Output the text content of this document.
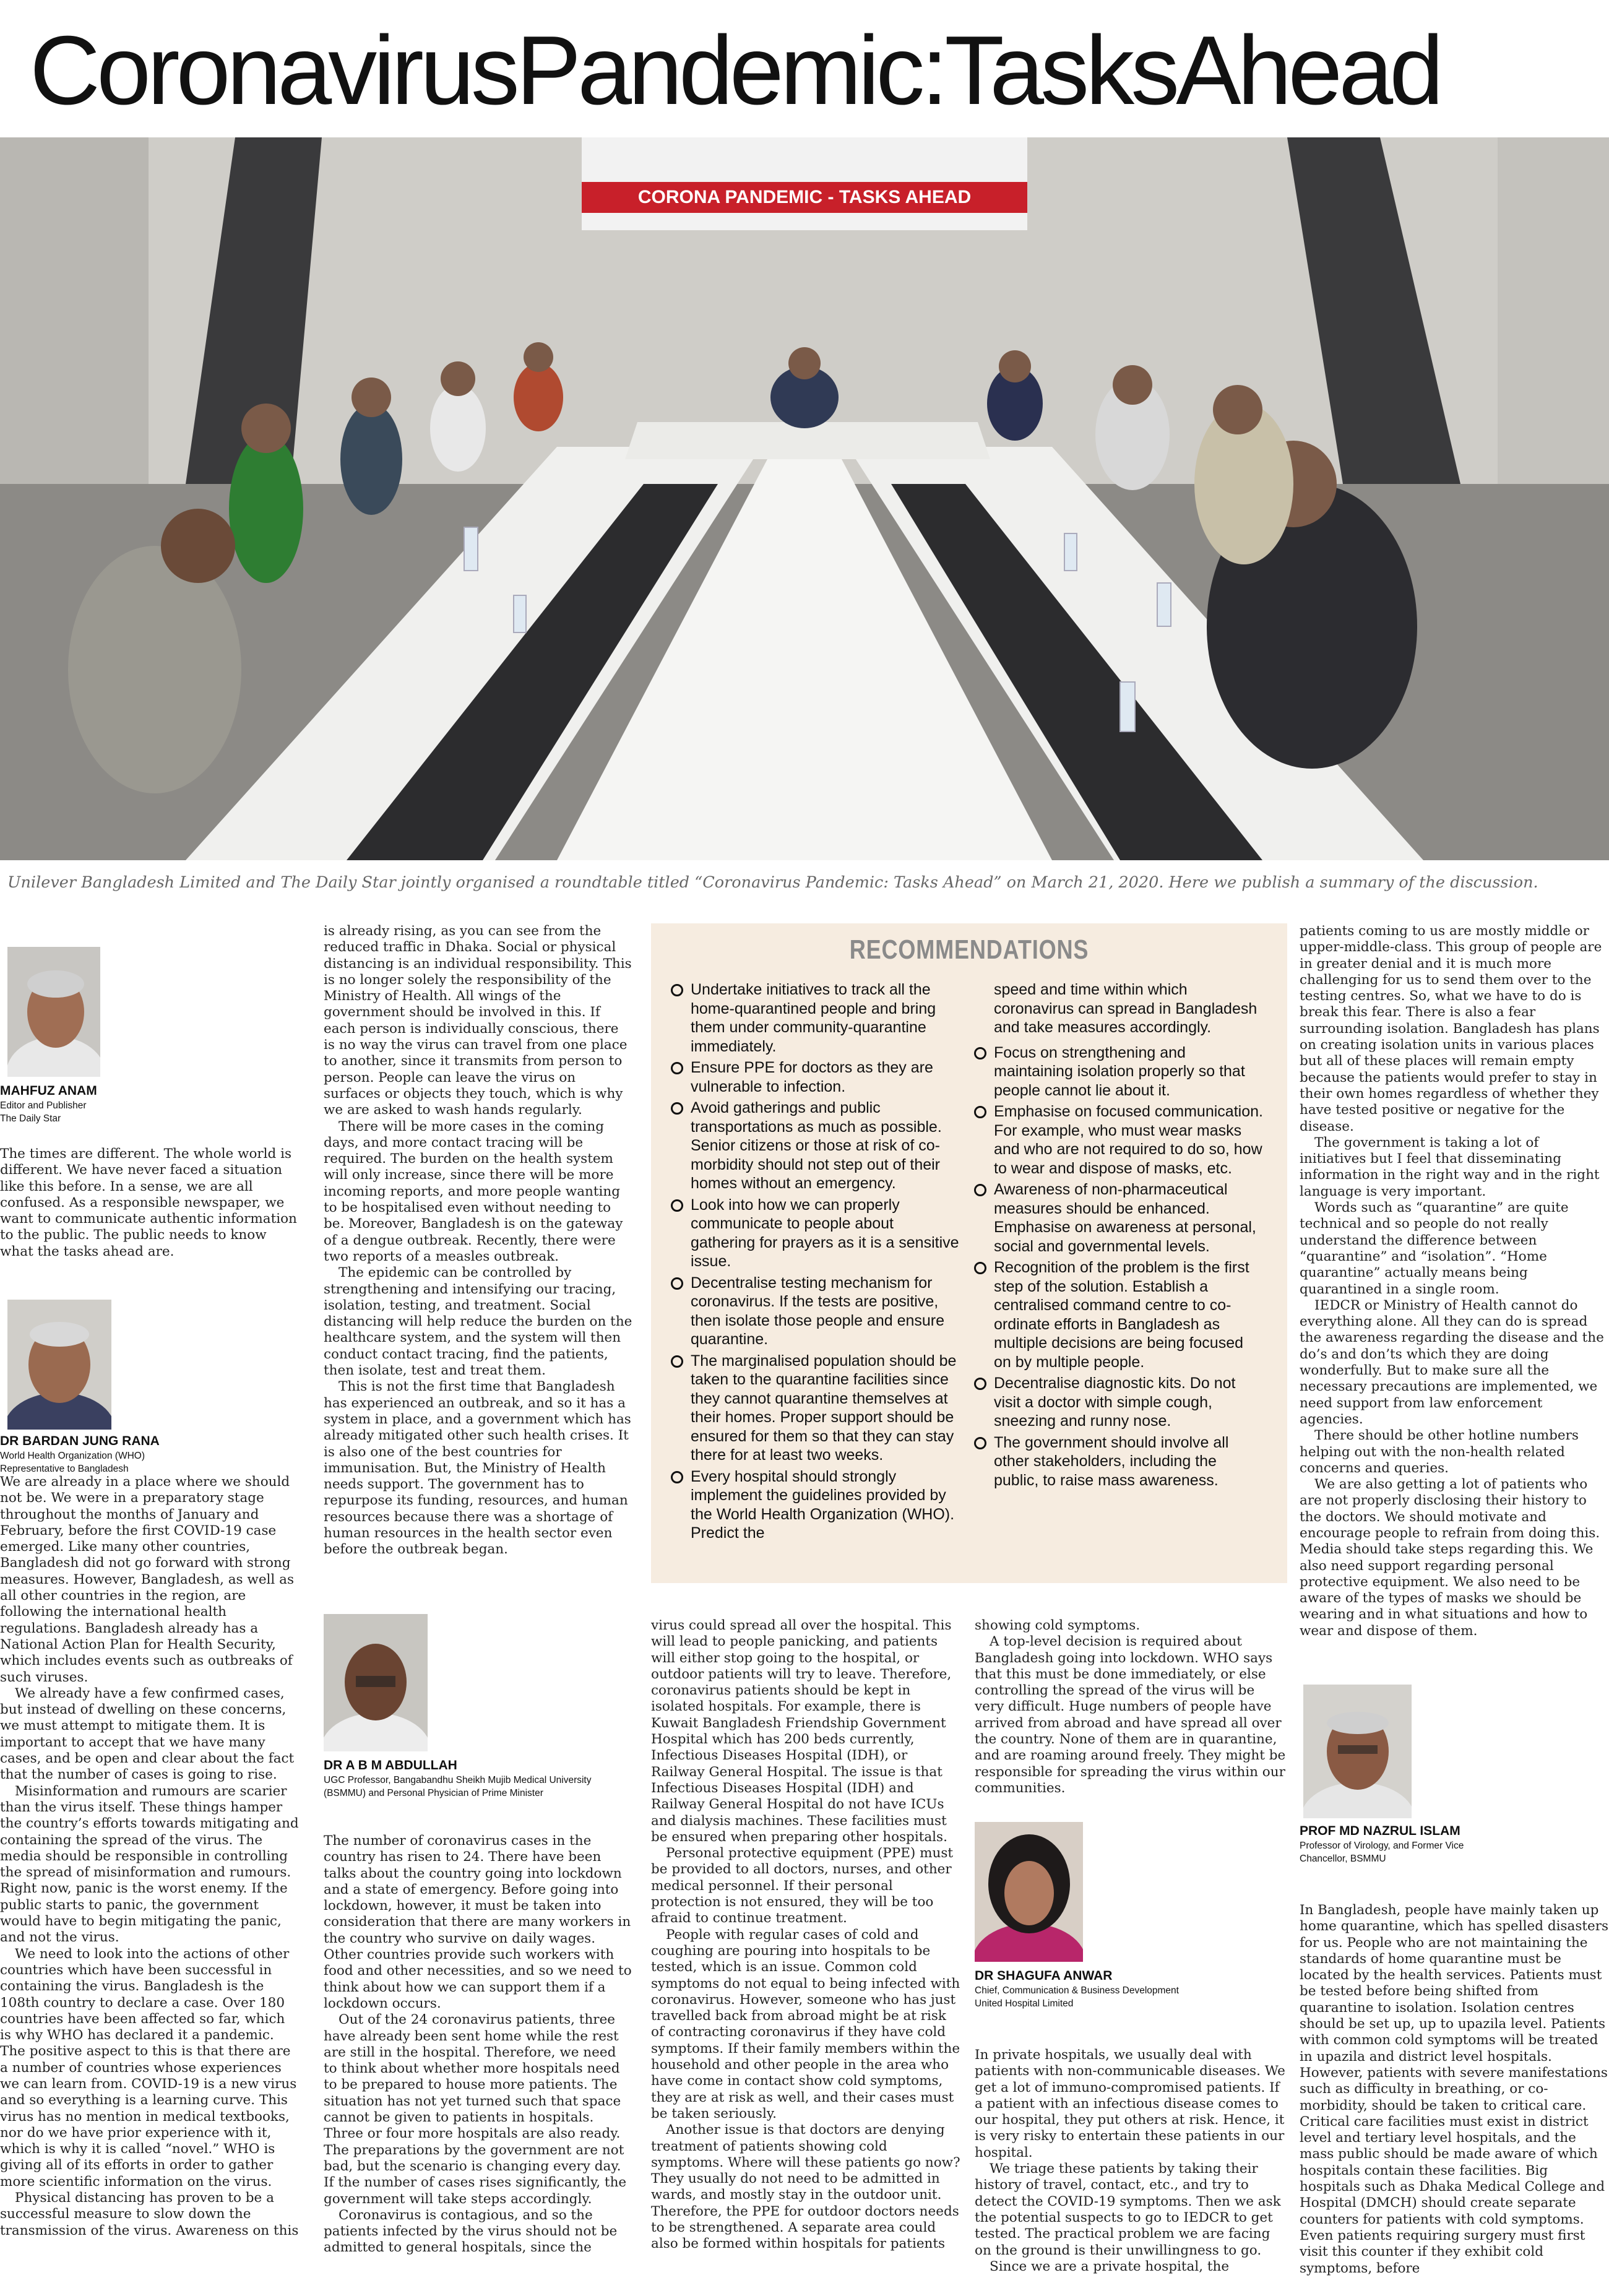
CoronavirusPandemic:TasksAhead
CORONA PANDEMIC - TASKS AHEAD
Unilever Bangladesh Limited and The Daily Star jointly organised a roundtable titled “Coronavirus Pandemic: Tasks Ahead” on March 21, 2020. Here we publish a summary of the discussion.
MAHFUZ ANAM
Editor and Publisher
The Daily Star

The times are different. The whole world is different. We have never faced a situation like this before. In a sense, we are all confused. As a responsible newspaper, we want to communicate authentic information to the public. The public needs to know what the tasks ahead are.

DR BARDAN JUNG RANA
World Health Organization (WHO)
Representative to Bangladesh

We are already in a place where we should not be. We were in a preparatory stage throughout the months of January and February, before the first COVID-19 case emerged. Like many other countries, Bangladesh did not go forward with strong measures. However, Bangladesh, as well as all other countries in the region, are following the international health regulations. Bangladesh already has a National Action Plan for Health Security, which includes events such as outbreaks of such viruses.

We already have a few confirmed cases, but instead of dwelling on these concerns, we must attempt to mitigate them. It is important to accept that we have many cases, and be open and clear about the fact that the number of cases is going to rise.

Misinformation and rumours are scarier than the virus itself. These things hamper the country’s efforts towards mitigating and containing the spread of the virus. The media should be responsible in controlling the spread of misinformation and rumours. Right now, panic is the worst enemy. If the public starts to panic, the government would have to begin mitigating the panic, and not the virus.

We need to look into the actions of other countries which have been successful in containing the virus. Bangladesh is the 108th country to declare a case. Over 180 countries have been affected so far, which is why WHO has declared it a pandemic. The positive aspect to this is that there are a number of countries whose experiences we can learn from. COVID-19 is a new virus and so everything is a learning curve. This virus has no mention in medical textbooks, nor do we have prior experience with it, which is why it is called “novel.” WHO is giving all of its efforts in order to gather more scientific information on the virus.

Physical distancing has proven to be a successful measure to slow down the transmission of the virus. Awareness on this

is already rising, as you can see from the reduced traffic in Dhaka. Social or physical distancing is an individual responsibility. This is no longer solely the responsibility of the Ministry of Health. All wings of the government should be involved in this. If each person is individually conscious, there is no way the virus can travel from one place to another, since it transmits from person to person. People can leave the virus on surfaces or objects they touch, which is why we are asked to wash hands regularly.

There will be more cases in the coming days, and more contact tracing will be required. The burden on the health system will only increase, since there will be more incoming reports, and more people wanting to be hospitalised even without needing to be. Moreover, Bangladesh is on the gateway of a dengue outbreak. Recently, there were two reports of a measles outbreak.

The epidemic can be controlled by strengthening and intensifying our tracing, isolation, testing, and treatment. Social distancing will help reduce the burden on the healthcare system, and the system will then conduct contact tracing, find the patients, then isolate, test and treat them.

This is not the first time that Bangladesh has experienced an outbreak, and so it has a system in place, and a government which has already mitigated other such health crises. It is also one of the best countries for immunisation. But, the Ministry of Health needs support. The government has to repurpose its funding, resources, and human resources because there was a shortage of human resources in the health sector even before the outbreak began.

DR A B M ABDULLAH
UGC Professor, Bangabandhu Sheikh Mujib Medical University
(BSMMU) and Personal Physician of Prime Minister

The number of coronavirus cases in the country has risen to 24. There have been talks about the country going into lockdown and a state of emergency. Before going into lockdown, however, it must be taken into consideration that there are many workers in the country who survive on daily wages. Other countries provide such workers with food and other necessities, and so we need to think about how we can support them if a lockdown occurs.

Out of the 24 coronavirus patients, three have already been sent home while the rest are still in the hospital. Therefore, we need to think about whether more hospitals need to be prepared to house more patients. The situation has not yet turned such that space cannot be given to patients in hospitals. Three or four more hospitals are also ready. The preparations by the government are not bad, but the scenario is changing every day. If the number of cases rises significantly, the government will take steps accordingly.

Coronavirus is contagious, and so the patients infected by the virus should not be admitted to general hospitals, since the

RECOMMENDATIONS
Undertake initiatives to track all the home-quarantined people and bring them under community-quarantine immediately.
Ensure PPE for doctors as they are vulnerable to infection.
Avoid gatherings and public transportations as much as possible. Senior citizens or those at risk of co-morbidity should not step out of their homes without an emergency.
Look into how we can properly communicate to people about gathering for prayers as it is a sensitive issue.
Decentralise testing mechanism for coronavirus. If the tests are positive, then isolate those people and ensure quarantine.
The marginalised population should be taken to the quarantine facilities since they cannot quarantine themselves at their homes. Proper support should be ensured for them so that they can stay there for at least two weeks.
Every hospital should strongly implement the guidelines provided by the World Health Organization (WHO). Predict the
speed and time within which coronavirus can spread in Bangladesh and take measures accordingly.
Focus on strengthening and maintaining isolation properly so that people cannot lie about it.
Emphasise on focused communication. For example, who must wear masks and who are not required to do so, how to wear and dispose of masks, etc.
Awareness of non-pharmaceutical measures should be enhanced. Emphasise on awareness at personal, social and governmental levels.
Recognition of the problem is the first step of the solution. Establish a centralised command centre to co-ordinate efforts in Bangladesh as multiple decisions are being focused on by multiple people.
Decentralise diagnostic kits. Do not visit a doctor with simple cough, sneezing and runny nose.
The government should involve all other stakeholders, including the public, to raise mass awareness.

virus could spread all over the hospital. This will lead to people panicking, and patients will either stop going to the hospital, or outdoor patients will try to leave. Therefore, coronavirus patients should be kept in isolated hospitals. For example, there is Kuwait Bangladesh Friendship Government Hospital which has 200 beds currently, Infectious Diseases Hospital (IDH), or Railway General Hospital. The issue is that Infectious Diseases Hospital (IDH) and Railway General Hospital do not have ICUs and dialysis machines. These facilities must be ensured when preparing other hospitals.

Personal protective equipment (PPE) must be provided to all doctors, nurses, and other medical personnel. If their personal protection is not ensured, they will be too afraid to continue treatment.

People with regular cases of cold and coughing are pouring into hospitals to be tested, which is an issue. Common cold symptoms do not equal to being infected with coronavirus. However, someone who has just travelled back from abroad might be at risk of contracting coronavirus if they have cold symptoms. If their family members within the household and other people in the area who have come in contact show cold symptoms, they are at risk as well, and their cases must be taken seriously.

Another issue is that doctors are denying treatment of patients showing cold symptoms. Where will these patients go now? They usually do not need to be admitted in wards, and mostly stay in the outdoor unit. Therefore, the PPE for outdoor doctors needs to be strengthened. A separate area could also be formed within hospitals for patients

showing cold symptoms.

A top-level decision is required about Bangladesh going into lockdown. WHO says that this must be done immediately, or else controlling the spread of the virus will be very difficult. Huge numbers of people have arrived from abroad and have spread all over the country. None of them are in quarantine, and are roaming around freely. They might be responsible for spreading the virus within our communities.

DR SHAGUFA ANWAR
Chief, Communication & Business Development
United Hospital Limited

In private hospitals, we usually deal with patients with non-communicable diseases. We get a lot of immuno-compromised patients. If a patient with an infectious disease comes to our hospital, they put others at risk. Hence, it is very risky to entertain these patients in our hospital.

We triage these patients by taking their history of travel, contact, etc., and try to detect the COVID-19 symptoms. Then we ask the potential suspects to go to IEDCR to get tested. The practical problem we are facing on the ground is their unwillingness to go.

Since we are a private hospital, the

patients coming to us are mostly middle or upper-middle-class. This group of people are in greater denial and it is much more challenging for us to send them over to the testing centres. So, what we have to do is break this fear. There is also a fear surrounding isolation. Bangladesh has plans on creating isolation units in various places but all of these places will remain empty because the patients would prefer to stay in their own homes regardless of whether they have tested positive or negative for the disease.

The government is taking a lot of initiatives but I feel that disseminating information in the right way and in the right language is very important.

Words such as “quarantine” are quite technical and so people do not really understand the difference between “quarantine” and “isolation”. “Home quarantine” actually means being quarantined in a single room.

IEDCR or Ministry of Health cannot do everything alone. All they can do is spread the awareness regarding the disease and the do’s and don’ts which they are doing wonderfully. But to make sure all the necessary precautions are implemented, we need support from law enforcement agencies.

There should be other hotline numbers helping out with the non-health related concerns and queries.

We are also getting a lot of patients who are not properly disclosing their history to the doctors. We should motivate and encourage people to refrain from doing this. Media should take steps regarding this. We also need support regarding personal protective equipment. We also need to be aware of the types of masks we should be wearing and in what situations and how to wear and dispose of them.

PROF MD NAZRUL ISLAM
Professor of Virology, and Former Vice
Chancellor, BSMMU

In Bangladesh, people have mainly taken up home quarantine, which has spelled disasters for us. People who are not maintaining the standards of home quarantine must be located by the health services. Patients must be tested before being shifted from quarantine to isolation. Isolation centres should be set up, up to upazila level. Patients with common cold symptoms will be treated in upazila and district level hospitals. However, patients with severe manifestations such as difficulty in breathing, or co-morbidity, should be taken to critical care. Critical care facilities must exist in district level and tertiary level hospitals, and the mass public should be made aware of which hospitals contain these facilities. Big hospitals such as Dhaka Medical College and Hospital (DMCH) should create separate counters for patients with cold symptoms. Even patients requiring surgery must first visit this counter if they exhibit cold symptoms, before
